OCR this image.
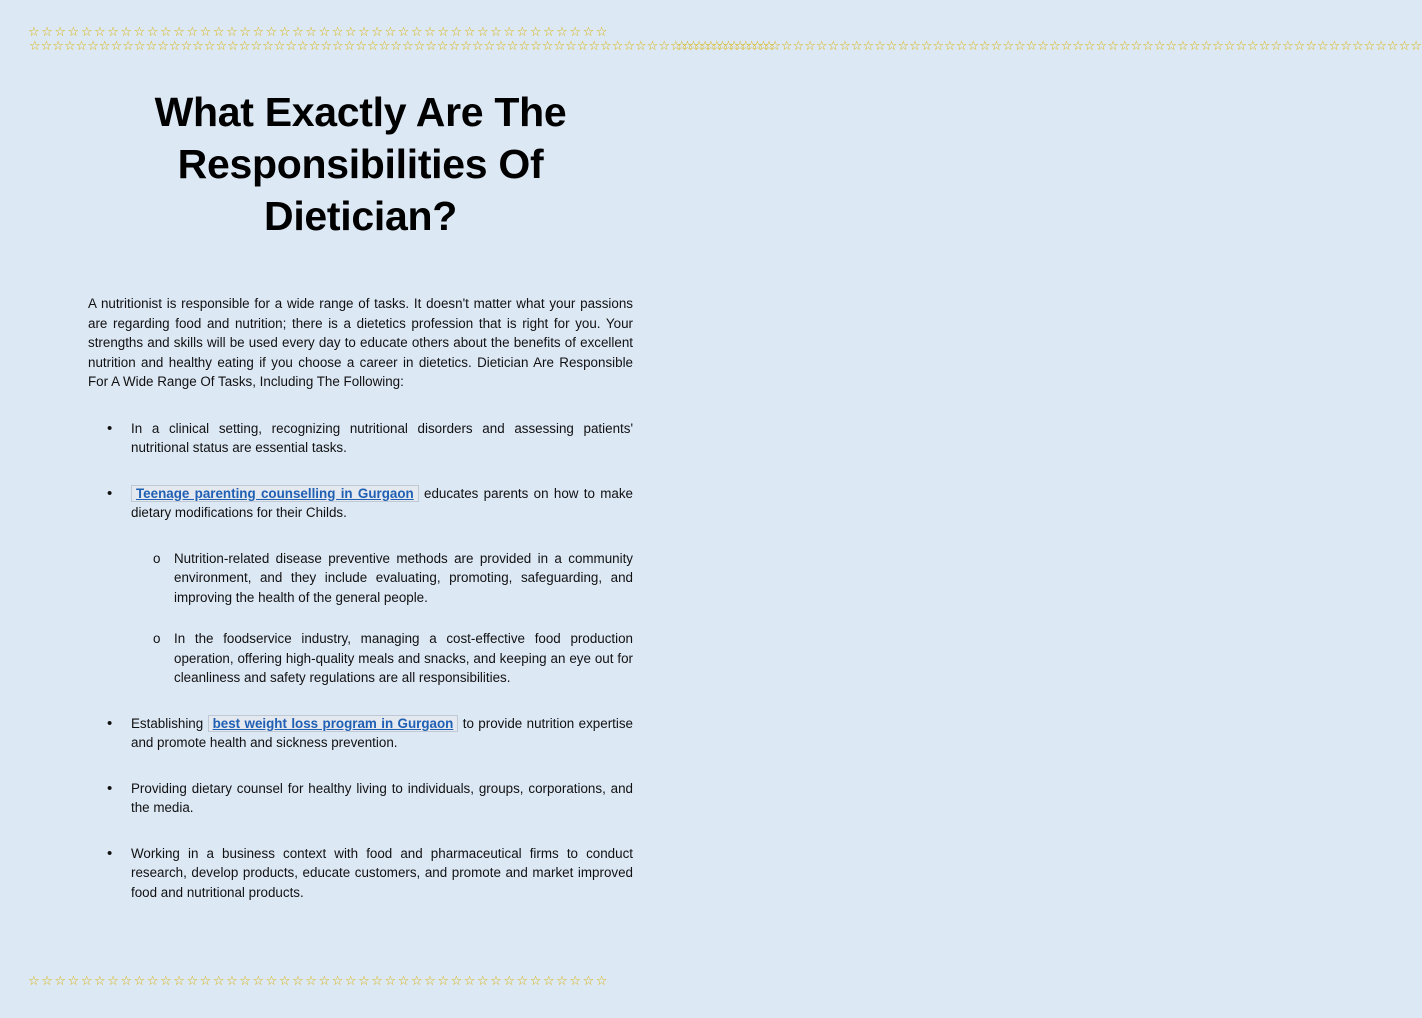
☆☆☆☆☆☆☆☆☆☆☆☆☆☆☆☆☆☆☆☆☆☆☆☆☆☆☆☆☆☆☆☆☆☆☆☆☆☆☆☆☆☆☆☆
☆☆☆☆☆☆☆☆☆☆☆☆☆☆☆☆☆☆☆☆☆☆☆☆☆☆☆☆☆☆☆☆☆☆☆☆☆☆☆☆☆☆☆☆
☆☆☆☆☆☆☆☆☆☆☆☆☆☆☆☆☆☆☆☆☆☆☆☆☆☆☆☆☆☆☆☆☆☆☆☆☆☆☆☆☆☆☆☆☆☆☆☆☆☆☆☆☆☆☆☆☆☆☆☆☆☆☆☆
☆☆☆☆☆☆☆☆☆☆☆☆☆☆☆☆☆☆☆☆☆☆☆☆☆☆☆☆☆☆☆☆☆☆☆☆☆☆☆☆☆☆☆☆☆☆☆☆☆☆☆☆☆☆☆☆☆☆☆☆☆☆☆☆
What Exactly Are The Responsibilities Of Dietician?

A nutritionist is responsible for a wide range of tasks. It doesn't matter what your passions are regarding food and nutrition; there is a dietetics profession that is right for you. Your strengths and skills will be used every day to educate others about the benefits of excellent nutrition and healthy eating if you choose a career in dietetics. Dietician Are Responsible For A Wide Range Of Tasks, Including The Following:

• In a clinical setting, recognizing nutritional disorders and assessing patients' nutritional status are essential tasks.
• Teenage parenting counselling in Gurgaon educates parents on how to make dietary modifications for their Childs.
o Nutrition-related disease preventive methods are provided in a community environment, and they include evaluating, promoting, safeguarding, and improving the health of the general people.
o In the foodservice industry, managing a cost-effective food production operation, offering high-quality meals and snacks, and keeping an eye out for cleanliness and safety regulations are all responsibilities.
• Establishing best weight loss program in Gurgaon to provide nutrition expertise and promote health and sickness prevention.
• Providing dietary counsel for healthy living to individuals, groups, corporations, and the media.
• Working in a business context with food and pharmaceutical firms to conduct research, develop products, educate customers, and promote and market improved food and nutritional products.
